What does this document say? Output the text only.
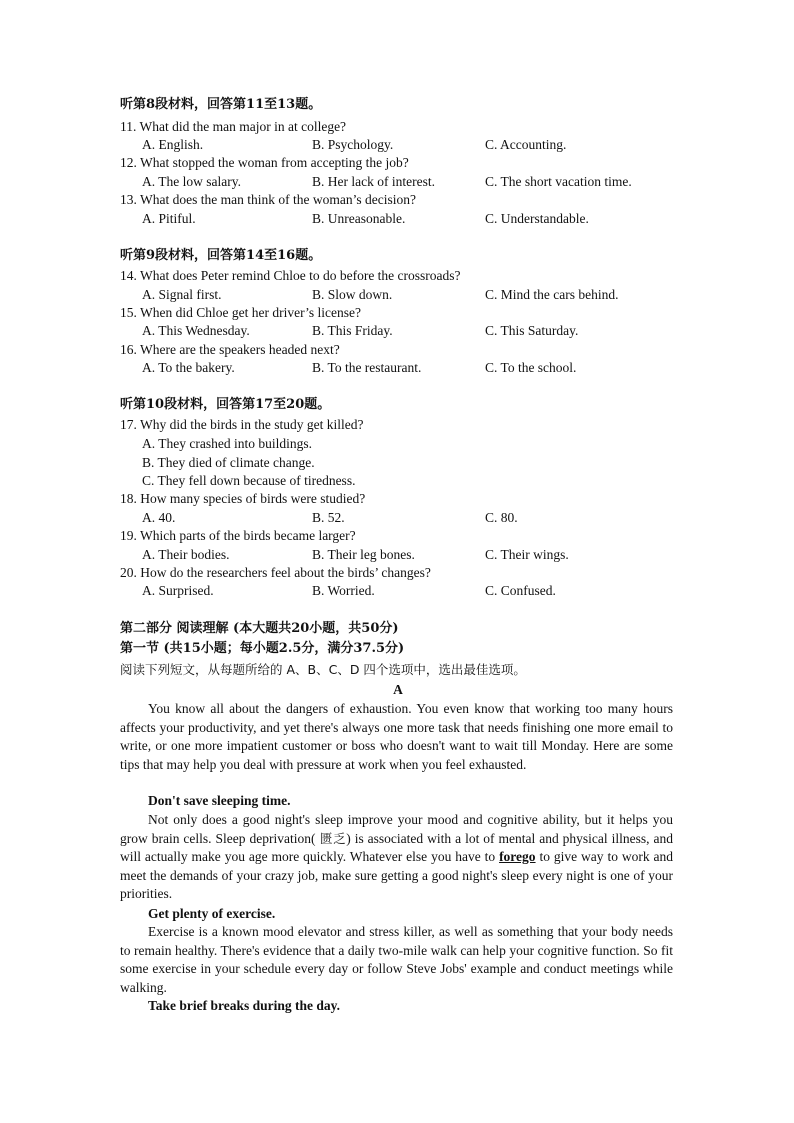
听第8段材料，回答第11至13题。
11. What did the man major in at college?
A. English.	B. Psychology.	C. Accounting.
12. What stopped the woman from accepting the job?
A. The low salary.	B. Her lack of interest.	C. The short vacation time.
13. What does the man think of the woman’s decision?
A. Pitiful.	B. Unreasonable.	C. Understandable.
听第9段材料，回答第14至16题。
14. What does Peter remind Chloe to do before the crossroads?
A. Signal first.	B. Slow down.	C. Mind the cars behind.
15. When did Chloe get her driver’s license?
A. This Wednesday.	B. This Friday.	C. This Saturday.
16. Where are the speakers headed next?
A. To the bakery.	B. To the restaurant.	C. To the school.
听第10段材料，回答第17至20题。
17. Why did the birds in the study get killed?
A. They crashed into buildings.
B. They died of climate change.
C. They fell down because of tiredness.
18. How many species of birds were studied?
A. 40.	B. 52.	C. 80.
19. Which parts of the birds became larger?
A. Their bodies.	B. Their leg bones.	C. Their wings.
20. How do the researchers feel about the birds’ changes?
A. Surprised.	B. Worried.	C. Confused.
第二部分 阅读理解 (本大题共20小题，共50分)
第一节 (共15小题；每小题2.5分，满分37.5分)
阅读下列短文，从每题所给的 A、B、C、D 四个选项中，选出最佳选项。
A

You know all about the dangers of exhaustion. You even know that working too many hours affects your productivity, and yet there's always one more task that needs finishing one more email to write, or one more impatient customer or boss who doesn't want to wait till Monday. Here are some tips that may help you deal with pressure at work when you feel exhausted.

Don't save sleeping time.

Not only does a good night's sleep improve your mood and cognitive ability, but it helps you grow brain cells. Sleep deprivation( 匮乏) is associated with a lot of mental and physical illness, and will actually make you age more quickly. Whatever else you have to forego to give way to work and meet the demands of your crazy job, make sure getting a good night's sleep every night is one of your priorities.

Get plenty of exercise.

Exercise is a known mood elevator and stress killer, as well as something that your body needs to remain healthy. There's evidence that a daily two-mile walk can help your cognitive function. So fit some exercise in your schedule every day or follow Steve Jobs' example and conduct meetings while walking.

Take brief breaks during the day.
